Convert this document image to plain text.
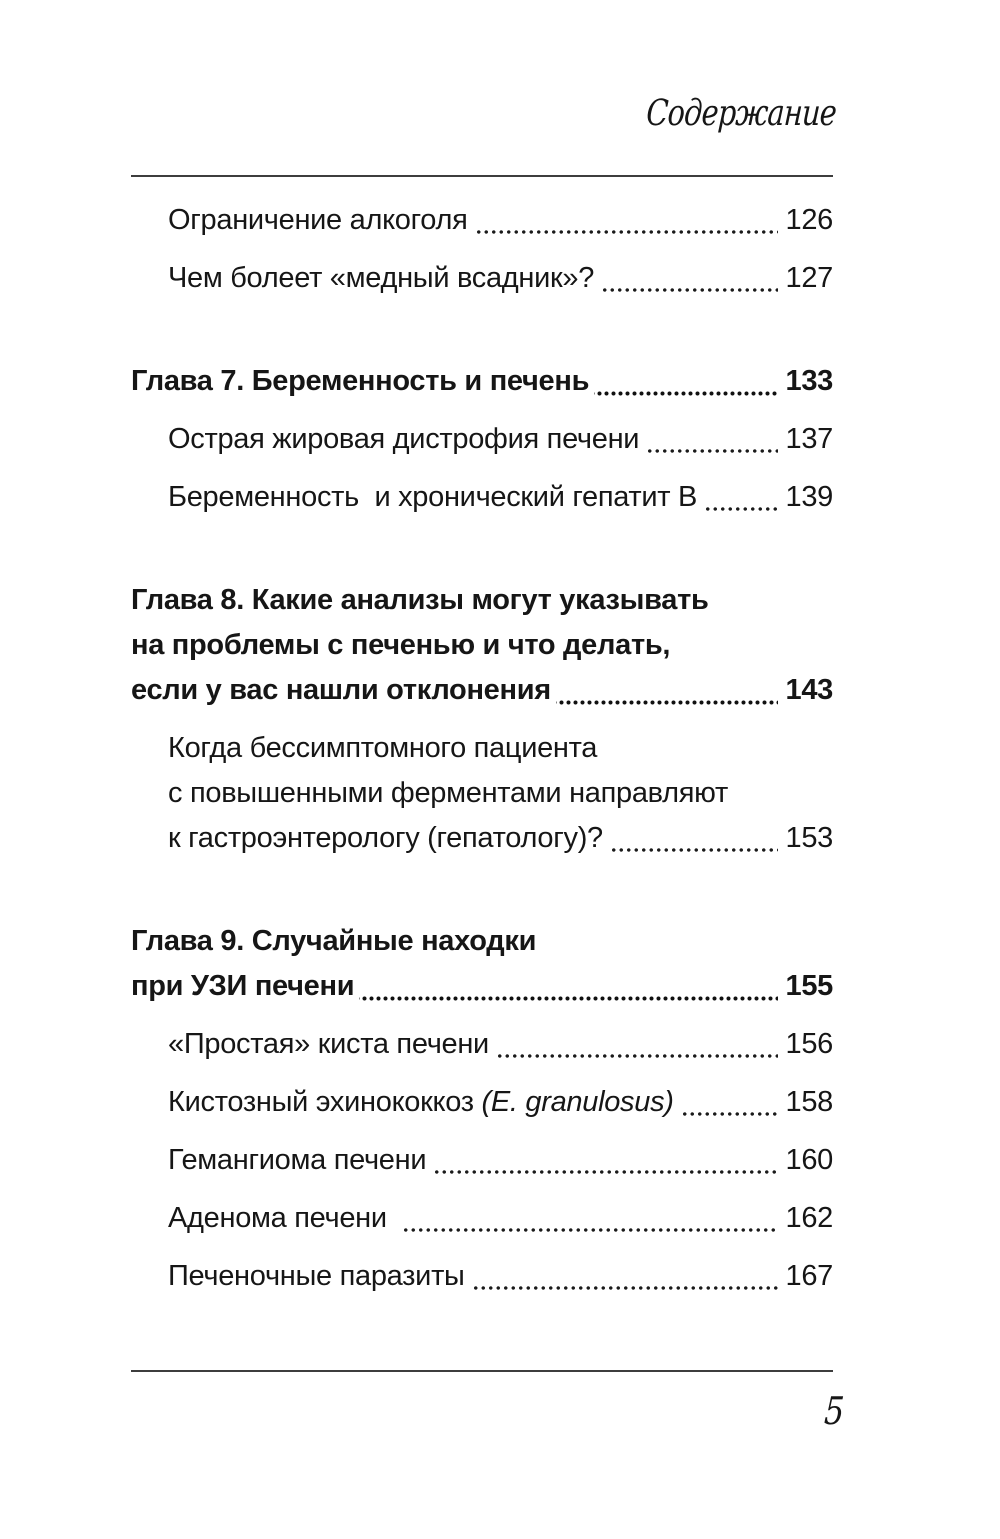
Содержание
Ограничение алкоголя	126
Чем болеет «медный всадник»?	127
Глава 7. Беременность и печень	133
Острая жировая дистрофия печени	137
Беременность  и хронический гепатит В	139
Глава 8. Какие анализы могут указывать
на проблемы с печенью и что делать,
если у вас нашли отклонения	143
Когда бессимптомного пациента
с повышенными ферментами направляют
к гастроэнтерологу (гепатологу)?	153
Глава 9. Случайные находки
при УЗИ печени	155
«Простая» киста печени	156
Кистозный эхинококкоз (E. granulosus)	158
Гемангиома печени	160
Аденома печени	162
Печеночные паразиты	167
5
